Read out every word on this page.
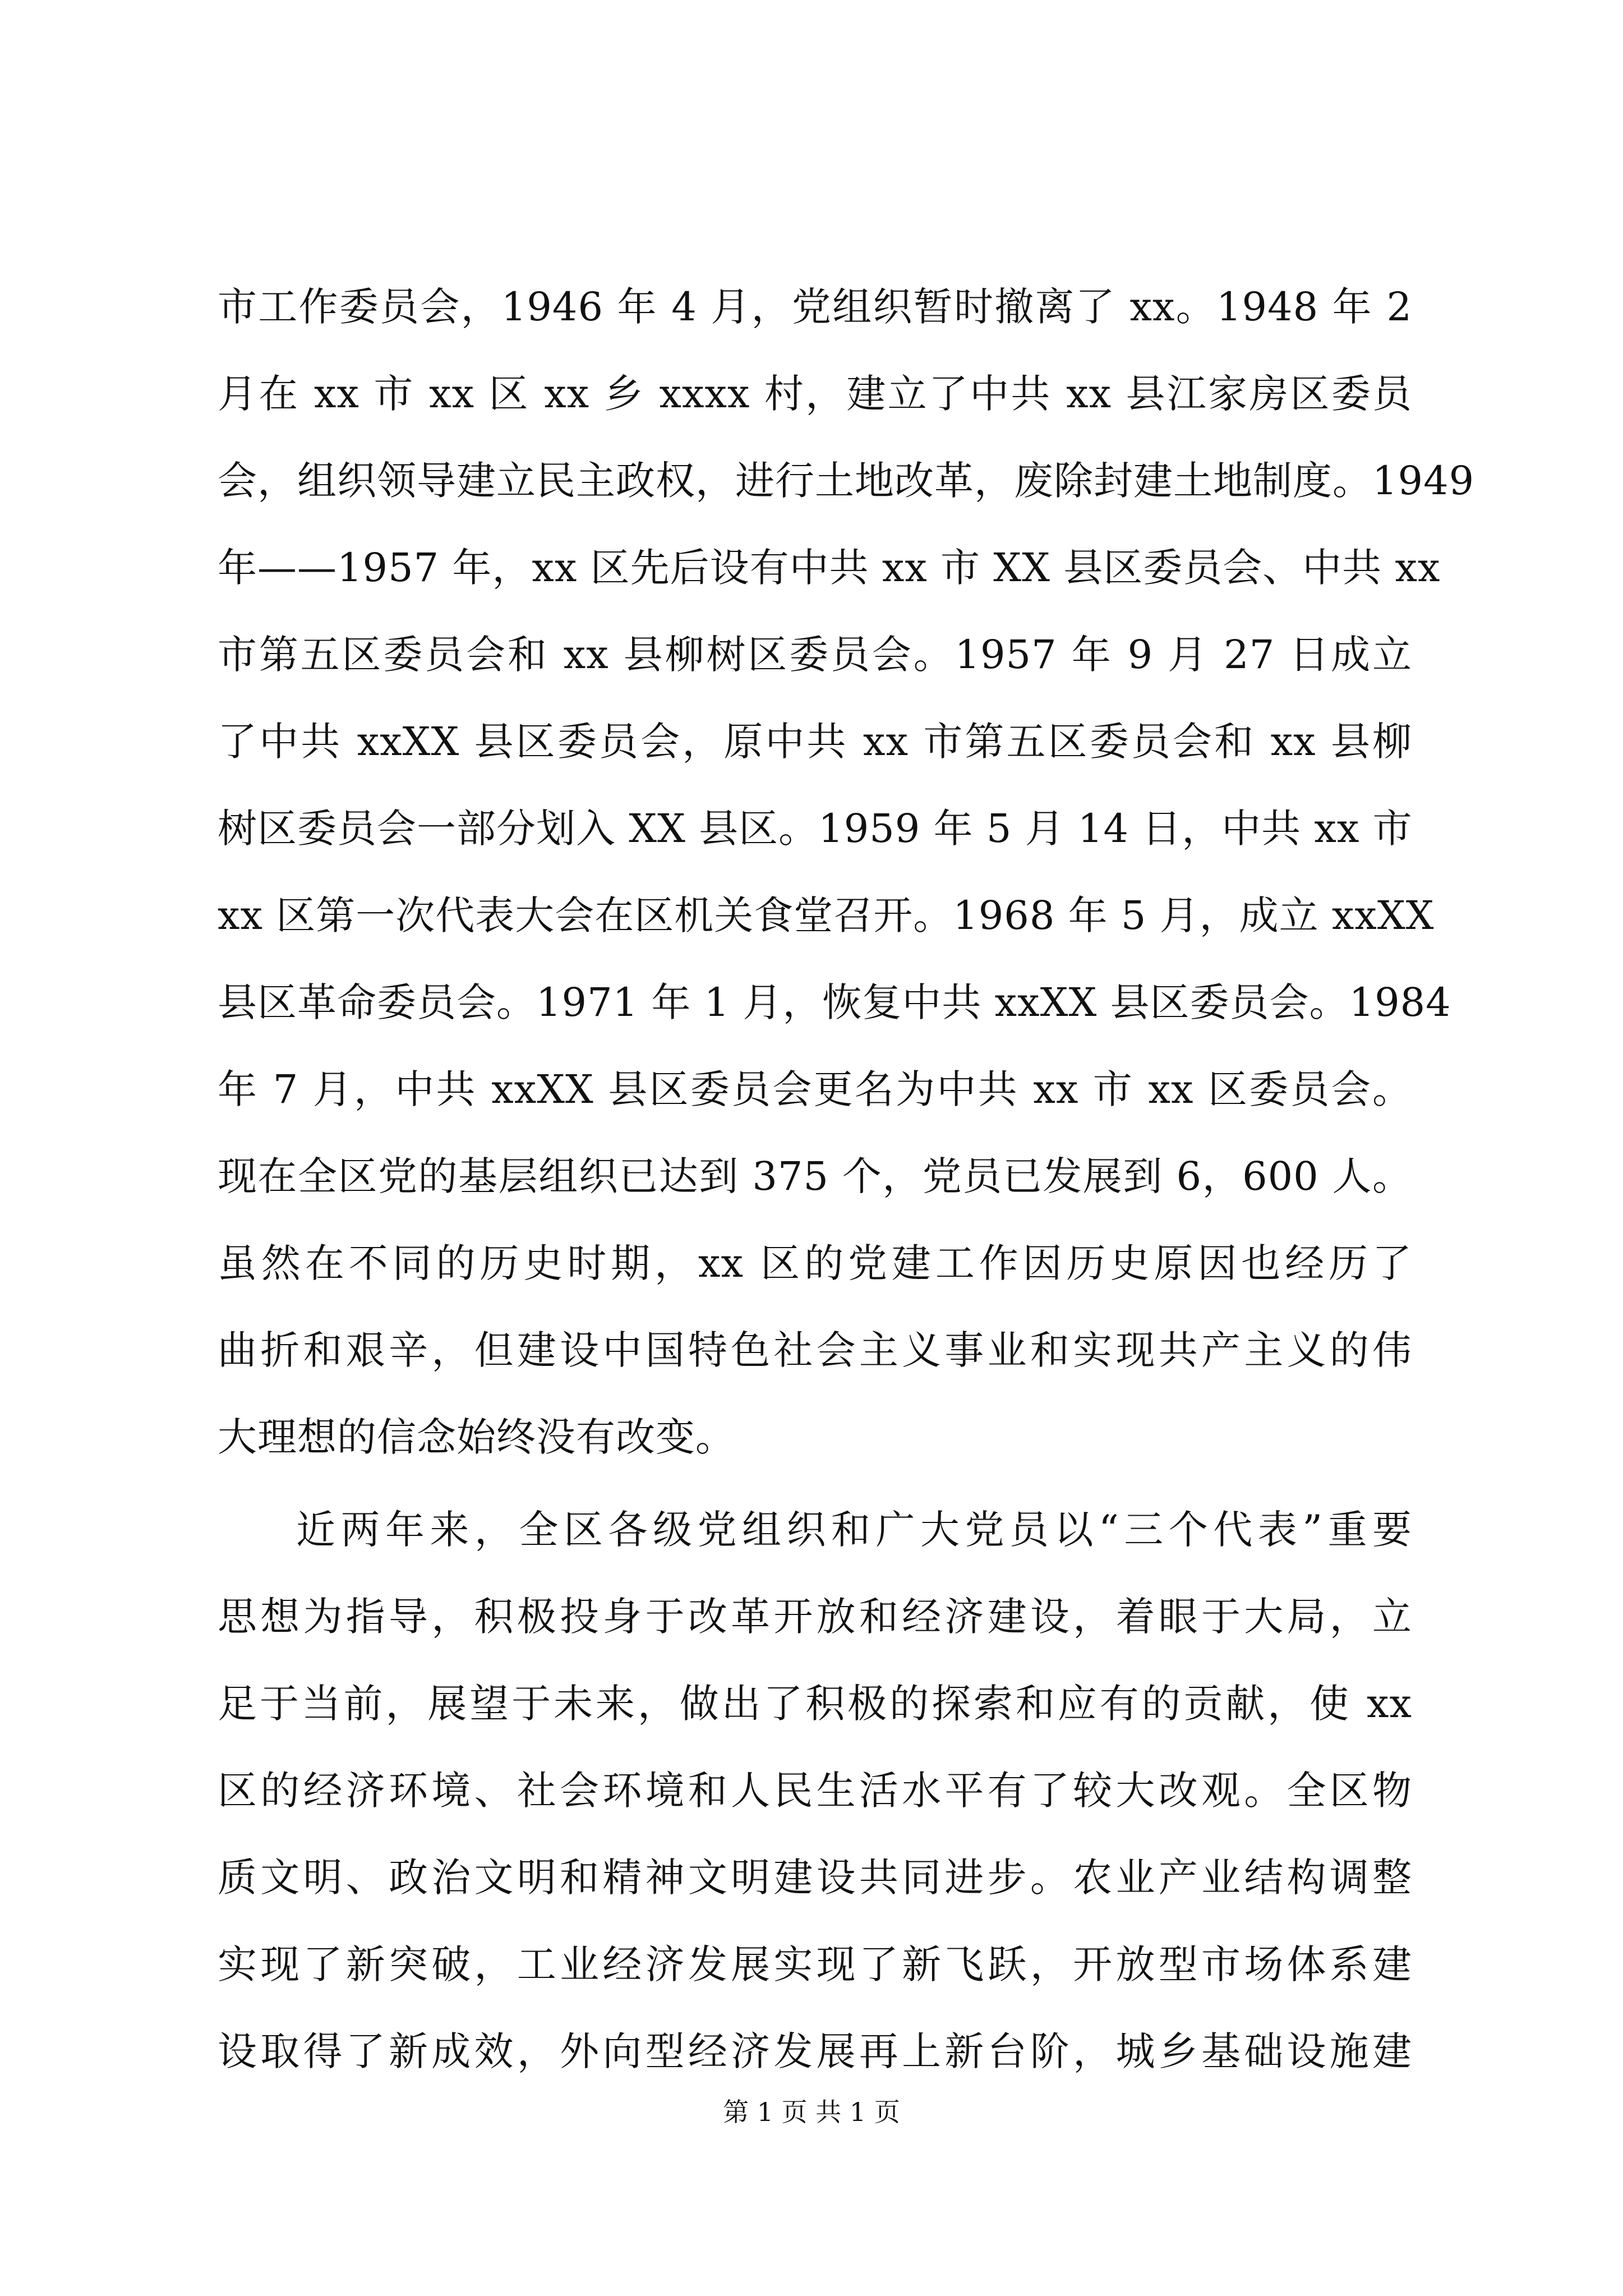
市工作委员会，1946 年 4 月，党组织暂时撤离了 xx。1948 年 2
月在 xx 市 xx 区 xx 乡 xxxx 村，建立了中共 xx 县江家房区委员
会，组织领导建立民主政权，进行土地改革，废除封建土地制度。1949
年——1957 年，xx 区先后设有中共 xx 市 XX 县区委员会、中共 xx
市第五区委员会和 xx 县柳树区委员会。1957 年 9 月 27 日成立
了中共 xxXX 县区委员会，原中共 xx 市第五区委员会和 xx 县柳
树区委员会一部分划入 XX 县区。1959 年 5 月 14 日，中共 xx 市
xx 区第一次代表大会在区机关食堂召开。1968 年 5 月，成立 xxXX
县区革命委员会。1971 年 1 月，恢复中共 xxXX 县区委员会。1984
年 7 月，中共 xxXX 县区委员会更名为中共 xx 市 xx 区委员会。
现在全区党的基层组织已达到 375 个，党员已发展到 6，600 人。
虽然在不同的历史时期，xx 区的党建工作因历史原因也经历了
曲折和艰辛，但建设中国特色社会主义事业和实现共产主义的伟
大理想的信念始终没有改变。
近两年来，全区各级党组织和广大党员以“三个代表”重要
思想为指导，积极投身于改革开放和经济建设，着眼于大局，立
足于当前，展望于未来，做出了积极的探索和应有的贡献，使 xx
区的经济环境、社会环境和人民生活水平有了较大改观。全区物
质文明、政治文明和精神文明建设共同进步。农业产业结构调整
实现了新突破，工业经济发展实现了新飞跃，开放型市场体系建
设取得了新成效，外向型经济发展再上新台阶，城乡基础设施建
第 1 页 共 1 页
